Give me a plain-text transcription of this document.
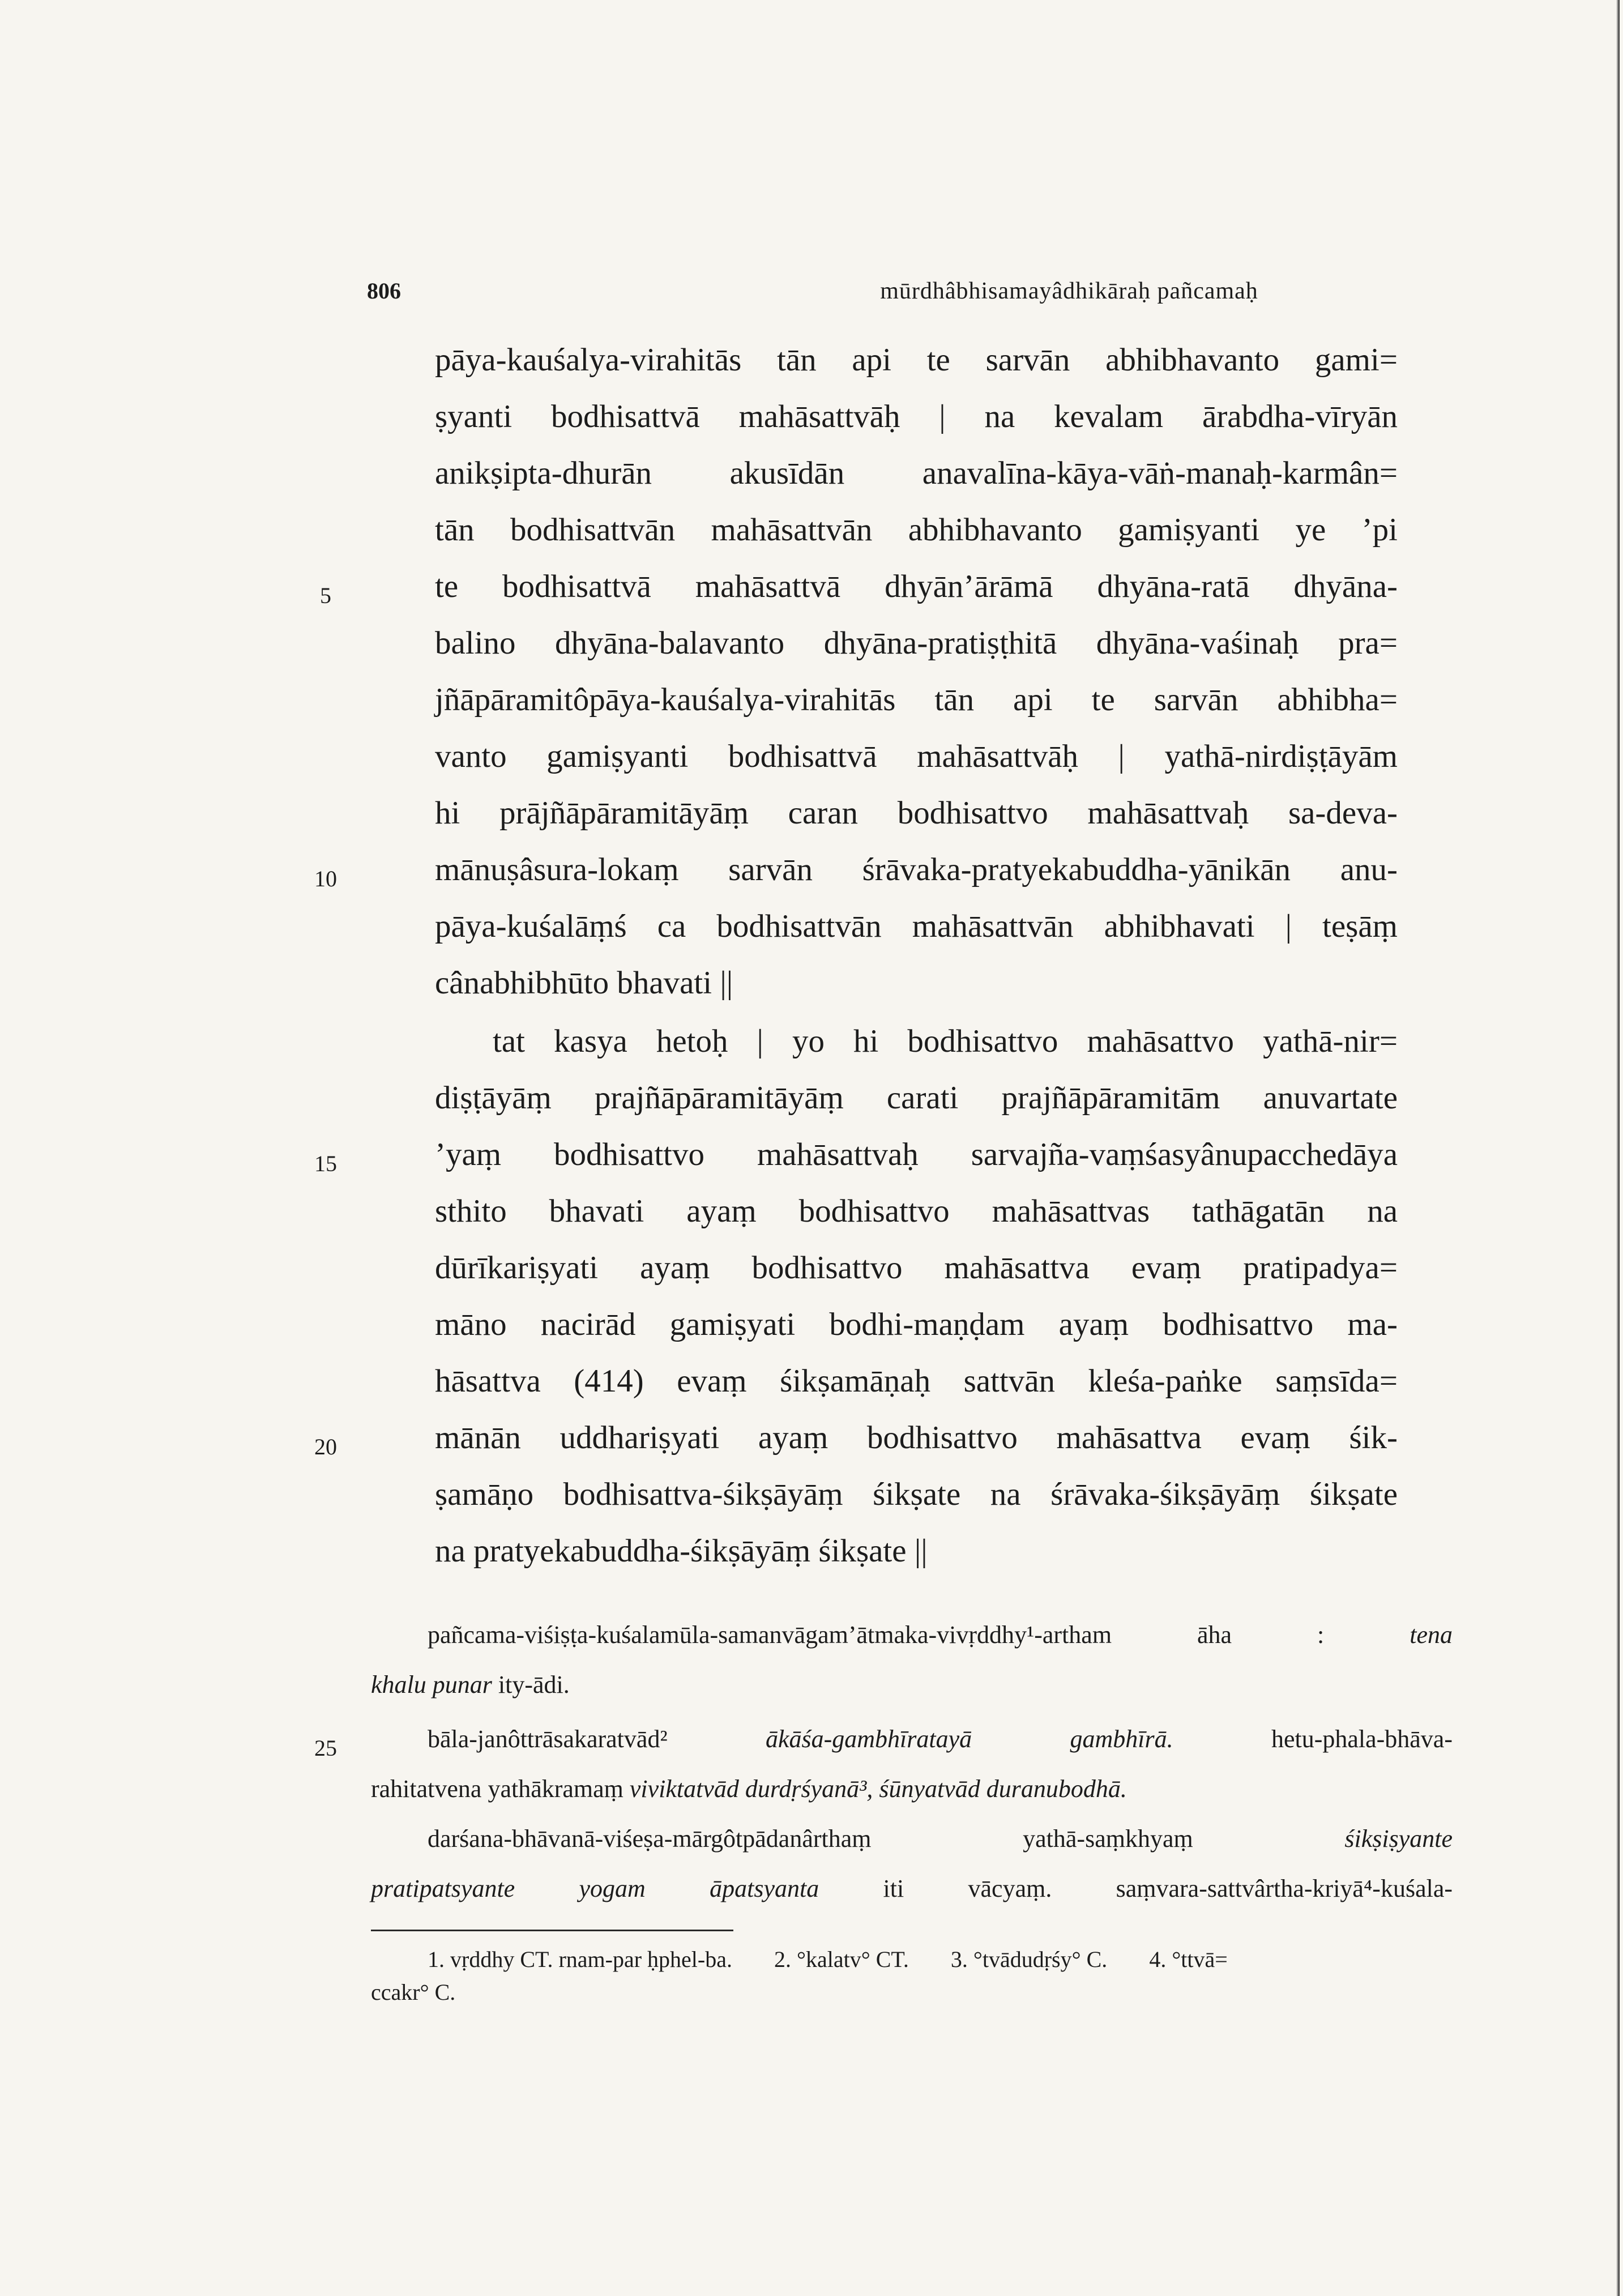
806	mūrdhâbhisamayâdhikāraḥ pañcamaḥ
pāya-kauśalya-virahitās tān api te sarvān abhibhavanto gami=
ṣyanti bodhisattvā mahāsattvāḥ | na kevalam ārabdha-vīryān
anikṣipta-dhurān akusīdān anavalīna-kāya-vāṅ-manaḥ-karmân=
tān bodhisattvān mahāsattvān abhibhavanto gamiṣyanti ye ’pi
te bodhisattvā mahāsattvā dhyān’ārāmā dhyāna-ratā dhyāna-
balino dhyāna-balavanto dhyāna-pratiṣṭhitā dhyāna-vaśinaḥ pra=
jñāpāramitôpāya-kauśalya-virahitās tān api te sarvān abhibha=
vanto gamiṣyanti bodhisattvā mahāsattvāḥ | yathā-nirdiṣṭāyām
hi prājñāpāramitāyāṃ caran bodhisattvo mahāsattvaḥ sa-deva-
mānuṣâsura-lokaṃ sarvān śrāvaka-pratyekabuddha-yānikān anu-
pāya-kuśalāṃś ca bodhisattvān mahāsattvān abhibhavati | teṣāṃ
cânabhibhūto bhavati ||
tat kasya hetoḥ | yo hi bodhisattvo mahāsattvo yathā-nir=
diṣṭāyāṃ prajñāpāramitāyāṃ carati prajñāpāramitām anuvartate
’yaṃ bodhisattvo mahāsattvaḥ sarvajña-vaṃśasyânupacchedāya
sthito bhavati ayaṃ bodhisattvo mahāsattvas tathāgatān na
dūrīkariṣyati ayaṃ bodhisattvo mahāsattva evaṃ pratipadya=
māno nacirād gamiṣyati bodhi-maṇḍam ayaṃ bodhisattvo ma-
hāsattva (414) evaṃ śikṣamāṇaḥ sattvān kleśa-paṅke saṃsīda=
mānān uddhariṣyati ayaṃ bodhisattvo mahāsattva evaṃ śik-
ṣamāṇo bodhisattva-śikṣāyāṃ śikṣate na śrāvaka-śikṣāyāṃ śikṣate
na pratyekabuddha-śikṣāyāṃ śikṣate ||
5
10
15
20
25
pañcama-viśiṣṭa-kuśalamūla-samanvāgam’ātmaka-vivṛddhy¹-artham āha :	tena
khalu punar ity-ādi.
bāla-janôttrāsakaratvād²	ākāśa-gambhīratayā gambhīrā.	hetu-phala-bhāva-
rahitatvena yathākramaṃ viviktatvād durdṛśyanā³, śūnyatvād duranubodhā.
darśana-bhāvanā-viśeṣa-mārgôtpādanârthaṃ yathā-saṃkhyaṃ	śikṣiṣyante
pratipatsyante yogam āpatsyanta	iti vācyaṃ. saṃvara-sattvârtha-kriyā⁴-kuśala-
1. vṛddhy CT. rnam-par ḥphel-ba. 2. °kalatv° CT. 3. °tvādudṛśy° C. 4. °ttvā=
ccakr° C.
